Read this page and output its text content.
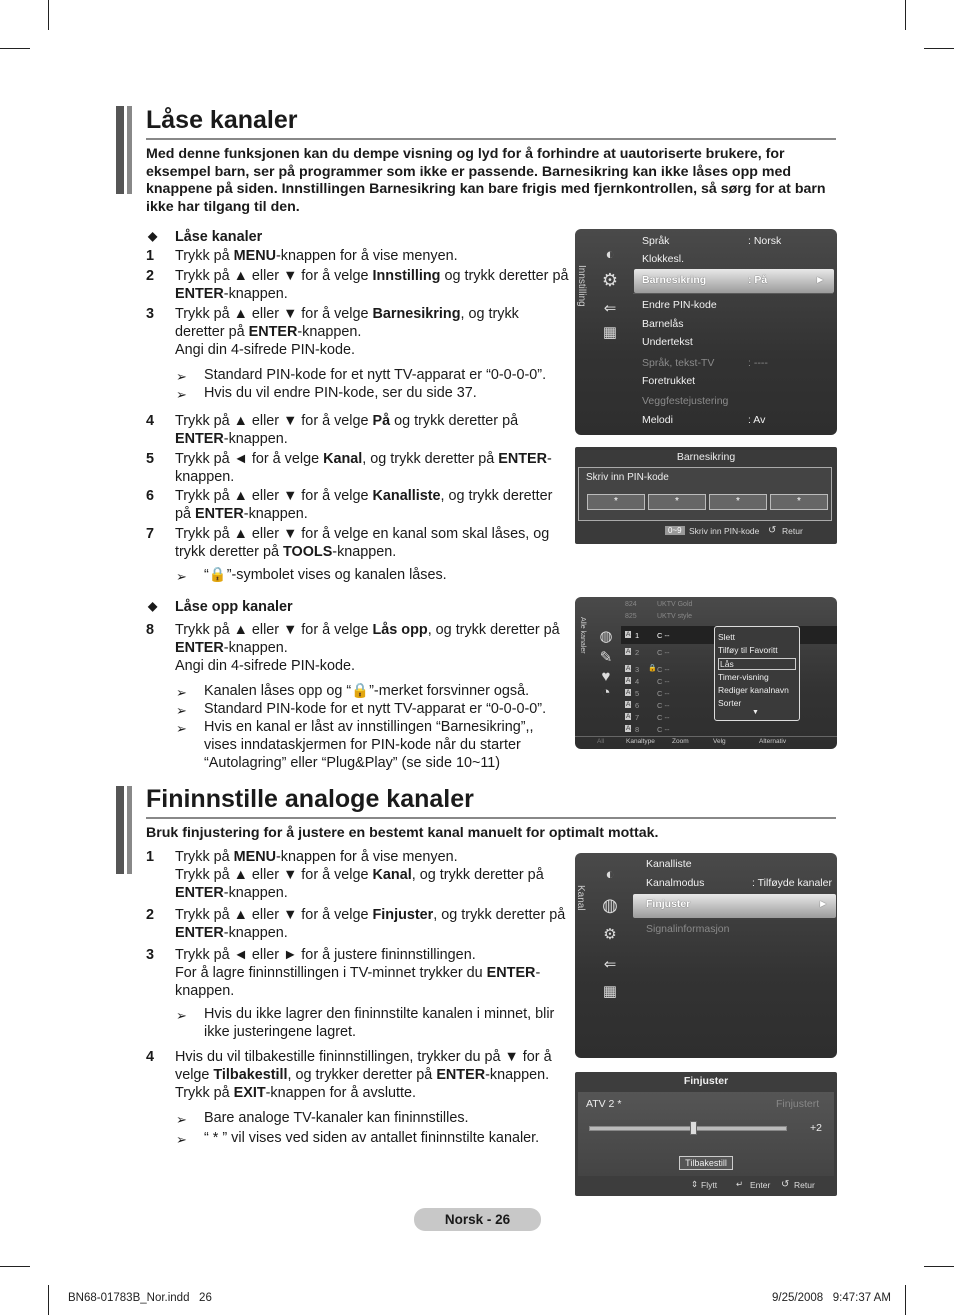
Låse kanaler
Med denne funksjonen kan du dempe visning og lyd for å forhindre at uautoriserte brukere, for eksempel barn, ser på programmer som ikke er passende. Barnesikring kan ikke låses opp med knappene på siden. Innstillingen Barnesikring kan bare frigis med fjernkontrollen, så sørg for at barn ikke har tilgang til den.
◆ Låse kanaler
1 Trykk på MENU-knappen for å vise menyen.
2 Trykk på ▲ eller ▼ for å velge Innstilling og trykk deretter på ENTER-knappen.
3 Trykk på ▲ eller ▼ for å velge Barnesikring, og trykk deretter på ENTER-knappen.
Angi din 4-sifrede PIN-kode.
➢ Standard PIN-kode for et nytt TV-apparat er “0-0-0-0”.
➢ Hvis du vil endre PIN-kode, ser du side 37.
4 Trykk på ▲ eller ▼ for å velge På og trykk deretter på ENTER-knappen.
5 Trykk på ◄ for å velge Kanal, og trykk deretter på ENTER-knappen.
6 Trykk på ▲ eller ▼ for å velge Kanalliste, og trykk deretter på ENTER-knappen.
7 Trykk på ▲ eller ▼ for å velge en kanal som skal låses, og trykk deretter på TOOLS-knappen.
➢ “🔒”-symbolet vises og kanalen låses.
◆ Låse opp kanaler
8 Trykk på ▲ eller ▼ for å velge Lås opp, og trykk deretter på ENTER-knappen.
Angi din 4-sifrede PIN-kode.
➢ Kanalen låses opp og “🔒”-merket forsvinner også.
➢ Standard PIN-kode for et nytt TV-apparat er “0-0-0-0”.
➢ Hvis en kanal er låst av innstillingen “Barnesikring”,, vises inndataskjermen for PIN-kode når du starter “Autolagring” eller “Plug&Play” (se side 10~11)
Innstilling
◐
⚙
⇐
▦
Språk	: Norsk
Klokkesl.
Barnesikring	: På	►
Endre PIN-kode
Barnelås
Undertekst
Språk, tekst-TV	: ----
Foretrukket
Veggfestejustering
Melodi	: Av
Barnesikring
Skriv inn PIN-kode
*	*	*	*
0~9 Skriv inn PIN-kode ↺ Retur
Alle kanaler ◍
✎
♥
◔
824	UKTV Gold
825	UKTV style
A 1 C --
A 2 C --
A 3 🔒 C --
A 4 C --
A 5 C --
A 6 C --
A 7 C --
A 8 C --
Slett
Tilføy til Favoritt
Lås
Timer-visning
Rediger kanalnavn
Sorter
▼
All	Kanaltype	Zoom	Velg	Alternativ
Fininnstille analoge kanaler
Bruk finjustering for å justere en bestemt kanal manuelt for optimalt mottak.
1 Trykk på MENU-knappen for å vise menyen.
Trykk på ▲ eller ▼ for å velge Kanal, og trykk deretter på ENTER-knappen.
2 Trykk på ▲ eller ▼ for å velge Finjuster, og trykk deretter på ENTER-knappen.
3 Trykk på ◄ eller ► for å justere fininnstillingen.
For å lagre fininnstillingen i TV-minnet trykker du ENTER-knappen.
➢ Hvis du ikke lagrer den fininnstilte kanalen i minnet, blir ikke justeringene lagret.
4 Hvis du vil tilbakestille fininnstillingen, trykker du på ▼ for å velge Tilbakestill, og trykker deretter på ENTER-knappen.
Trykk på EXIT-knappen for å avslutte.
➢ Bare analoge TV-kanaler kan fininnstilles.
➢ “ * ” vil vises ved siden av antallet fininnstilte kanaler.
Kanal
◐
◍
⚙
⇐
▦
Kanalliste
Kanalmodus	: Tilføyde kanaler
Finjuster	►
Signalinformasjon
Finjuster
ATV 2 *	Finjustert
+2
Tilbakestill
⇕ Flytt ↵ Enter ↺ Retur
Norsk - 26
BN68-01783B_Nor.indd   26	9/25/2008   9:47:37 AM
